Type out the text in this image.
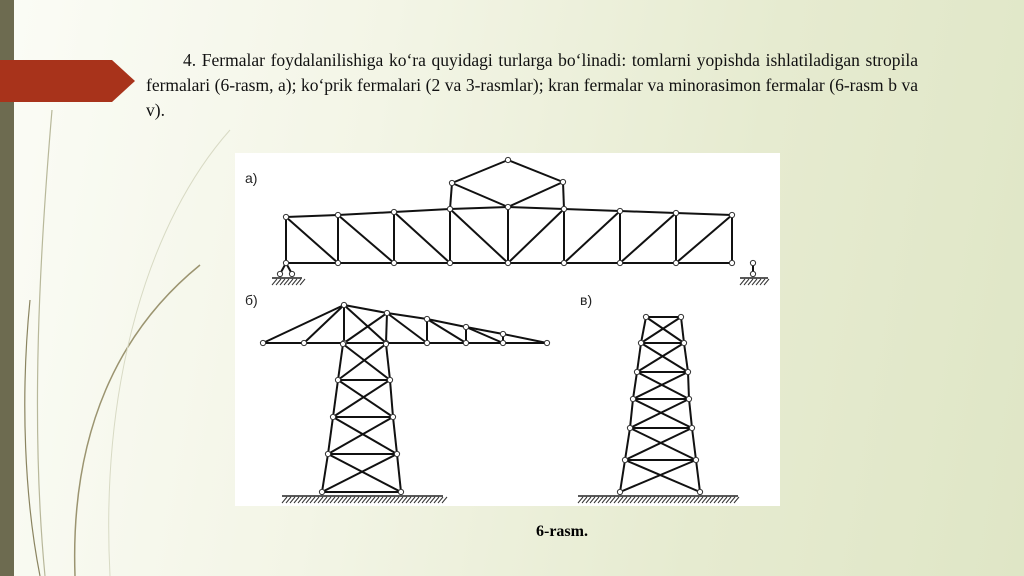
4. Fermalar foydalanilishiga ko‘ra quyidagi turlarga bo‘linadi: tomlarni yopishda ishlatiladigan stropila fermalari (6-rasm, a); ko‘prik fermalari (2 va 3-rasmlar); kran fermalar va minorasimon fermalar (6-rasm b va v).

а)
б)	в)
6-rasm.
